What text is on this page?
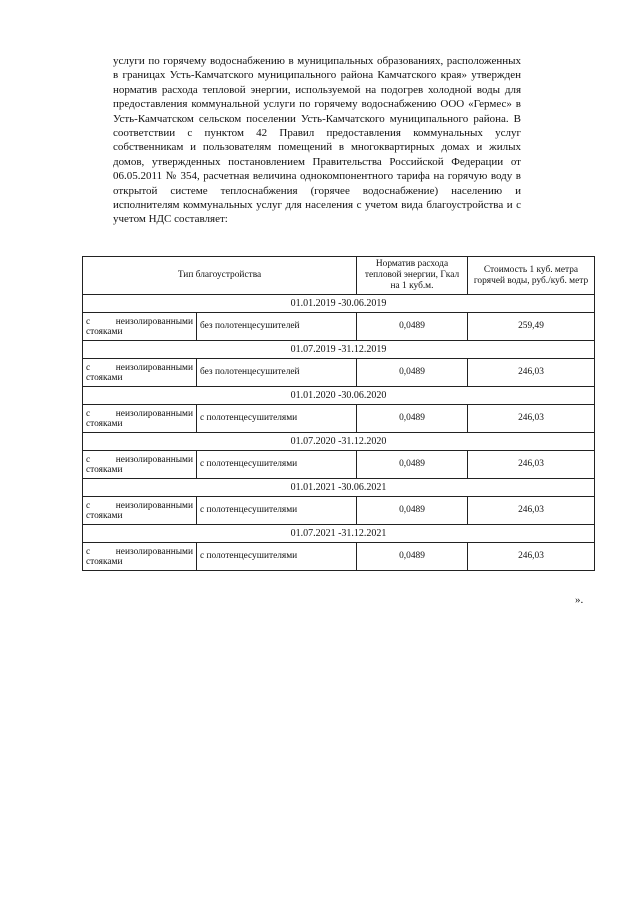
услуги по горячему водоснабжению в муниципальных образованиях, расположенных в границах Усть-Камчатского муниципального района Камчатского края» утвержден норматив расхода тепловой энергии, используемой на подогрев холодной воды для предоставления коммунальной услуги по горячему водоснабжению ООО «Гермес» в Усть-Камчатском сельском поселении Усть-Камчатского муниципального района. В соответствии с пунктом 42 Правил предоставления коммунальных услуг собственникам и пользователям помещений в многоквартирных домах и жилых домов, утвержденных постановлением Правительства Российской Федерации от 06.05.2011 № 354, расчетная величина однокомпонентного тарифа на горячую воду в открытой системе теплоснабжения (горячее водоснабжение) населению и исполнителям коммунальных услуг для населения с учетом вида благоустройства и с учетом НДС составляет:

Тип благоустройства		Норматив расхода тепловой энергии, Гкал на 1 куб.м.	Стоимость 1 куб. метра горячей воды, руб./куб. метр
01.01.2019 -30.06.2019			
с неизолированными стояками	без полотенцесушителей	0,0489	259,49
01.07.2019 -31.12.2019			
с неизолированными стояками	без полотенцесушителей	0,0489	246,03
01.01.2020 -30.06.2020			
с неизолированными стояками	с полотенцесушителями	0,0489	246,03
01.07.2020 -31.12.2020			
с неизолированными стояками	с полотенцесушителями	0,0489	246,03
01.01.2021 -30.06.2021			
с неизолированными стояками	с полотенцесушителями	0,0489	246,03
01.07.2021 -31.12.2021			
с неизолированными стояками	с полотенцесушителями	0,0489	246,03
».
